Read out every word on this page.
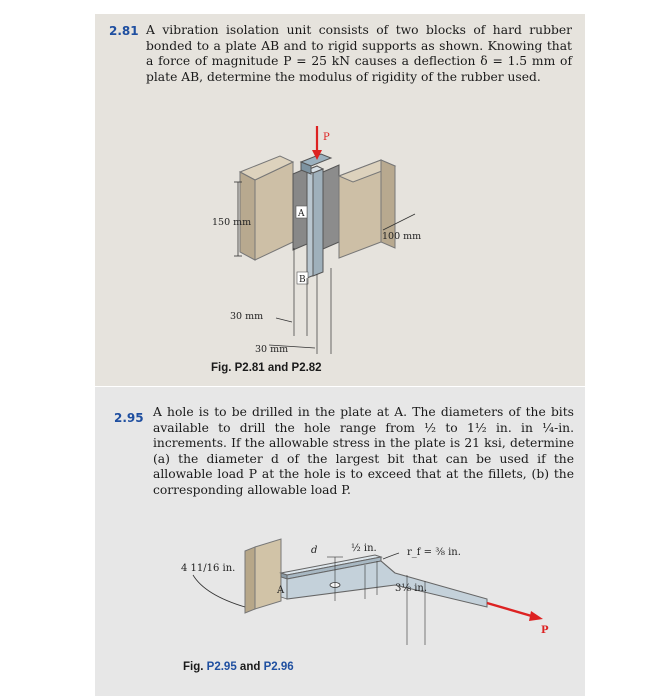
2.81 A vibration isolation unit consists of two blocks of hard rubber bonded to a plate AB and to rigid supports as shown. Knowing that a force of magnitude P = 25 kN causes a deflection δ = 1.5 mm of plate AB, determine the modulus of rigidity of the rubber used.

P
A
B
150 mm
100 mm
30 mm
30 mm
Fig. P2.81 and P2.82
2.95 A hole is to be drilled in the plate at A. The diameters of the bits available to drill the hole range from ½ to 1½ in. in ¼-in. increments. If the allowable stress in the plate is 21 ksi, determine (a) the diameter d of the largest bit that can be used if the allowable load P at the hole is to exceed that at the fillets, (b) the corresponding allowable load P.

A
d
4 11/16 in.
½ in.	r_f = ⅜ in.
3⅛ in.
P
Fig. P2.95 and P2.96
